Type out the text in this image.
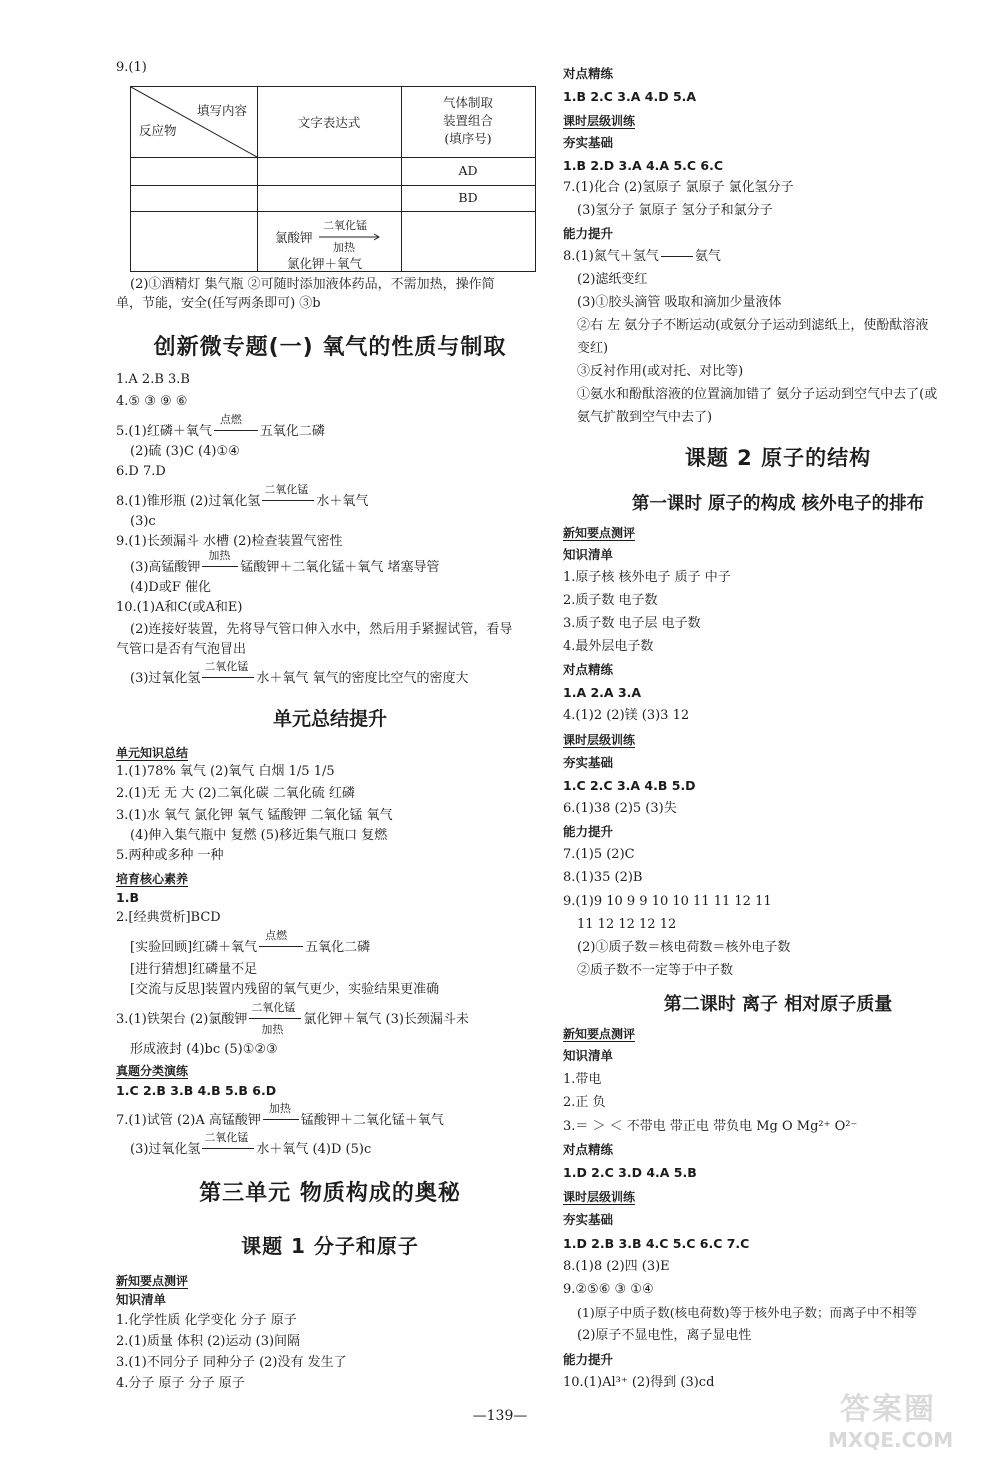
9.(1)
填写内容
反应物
文字表达式
气体制取
装置组合
(填序号)
AD
BD
氯酸钾
二氧化锰
加热
氯化钾＋氧气
(2)①酒精灯 集气瓶 ②可随时添加液体药品，不需加热，操作简
单，节能，安全(任写两条即可) ③b
创新微专题(一) 氧气的性质与制取
1.A 2.B 3.B
4.⑤ ③ ⑨ ⑥
5.(1)红磷＋氧气
点燃
五氧化二磷
(2)硫 (3)C (4)①④
6.D 7.D
8.(1)锥形瓶 (2)过氧化氢
二氧化锰
水＋氧气
(3)c
9.(1)长颈漏斗 水槽 (2)检查装置气密性
(3)高锰酸钾
加热
锰酸钾＋二氧化锰＋氧气 堵塞导管
(4)D或F 催化
10.(1)A和C(或A和E)
(2)连接好装置，先将导气管口伸入水中，然后用手紧握试管，看导
气管口是否有气泡冒出
(3)过氧化氢
二氧化锰
水＋氧气 氧气的密度比空气的密度大
单元总结提升
单元知识总结
1.(1)78% 氧气 (2)氧气 白烟 1/5 1/5
2.(1)无 无 大 (2)二氧化碳 二氧化硫 红磷
3.(1)水 氧气 氯化钾 氧气 锰酸钾 二氧化锰 氧气
(4)伸入集气瓶中 复燃 (5)移近集气瓶口 复燃
5.两种或多种 一种
培育核心素养
1.B
2.[经典赏析]BCD
[实验回顾]红磷＋氧气
点燃
五氧化二磷
[进行猜想]红磷量不足
[交流与反思]装置内残留的氧气更少，实验结果更准确
3.(1)铁架台 (2)氯酸钾
二氧化锰
加热
氯化钾＋氧气 (3)长颈漏斗未
形成液封 (4)bc (5)①②③
真题分类演练
1.C 2.B 3.B 4.B 5.B 6.D
7.(1)试管 (2)A 高锰酸钾
加热
锰酸钾＋二氧化锰＋氧气
(3)过氧化氢
二氧化锰
水＋氧气 (4)D (5)c
第三单元 物质构成的奥秘
课题 1 分子和原子
新知要点测评
知识清单
1.化学性质 化学变化 分子 原子
2.(1)质量 体积 (2)运动 (3)间隔
3.(1)不同分子 同种分子 (2)没有 发生了
4.分子 原子 分子 原子
对点精练
1.B 2.C 3.A 4.D 5.A
课时层级训练
夯实基础
1.B 2.D 3.A 4.A 5.C 6.C
7.(1)化合 (2)氢原子 氯原子 氯化氢分子
(3)氢分子 氯原子 氢分子和氯分子
能力提升
8.(1)氮气＋氢气	氨气
(2)滤纸变红
(3)①胶头滴管 吸取和滴加少量液体
②右 左 氨分子不断运动(或氨分子运动到滤纸上，使酚酞溶液
变红)
③反衬作用(或对托、对比等)
①氨水和酚酞溶液的位置滴加错了 氨分子运动到空气中去了(或
氨气扩散到空气中去了)
课题 2 原子的结构
第一课时 原子的构成 核外电子的排布
新知要点测评
知识清单
1.原子核 核外电子 质子 中子
2.质子数 电子数
3.质子数 电子层 电子数
4.最外层电子数
对点精练
1.A 2.A 3.A
4.(1)2 (2)镁 (3)3 12
课时层级训练
夯实基础
1.C 2.C 3.A 4.B 5.D
6.(1)38 (2)5 (3)失
能力提升
7.(1)5 (2)C
8.(1)35 (2)B
9.(1)9 10 9 9 10 10 11 11 12 11
11 12 12 12 12
(2)①质子数＝核电荷数＝核外电子数
②质子数不一定等于中子数
第二课时 离子 相对原子质量
新知要点测评
知识清单
1.带电
2.正 负
3.＝ ＞ ＜ 不带电 带正电 带负电 Mg O Mg²⁺ O²⁻
对点精练
1.D 2.C 3.D 4.A 5.B
课时层级训练
夯实基础
1.D 2.B 3.B 4.C 5.C 6.C 7.C
8.(1)8 (2)四 (3)E
9.②⑤⑥ ③ ①④
(1)原子中质子数(核电荷数)等于核外电子数；而离子中不相等
(2)原子不显电性，离子显电性
能力提升
10.(1)Al³⁺ (2)得到 (3)cd
—139—	答案圈
MXQE.COM
